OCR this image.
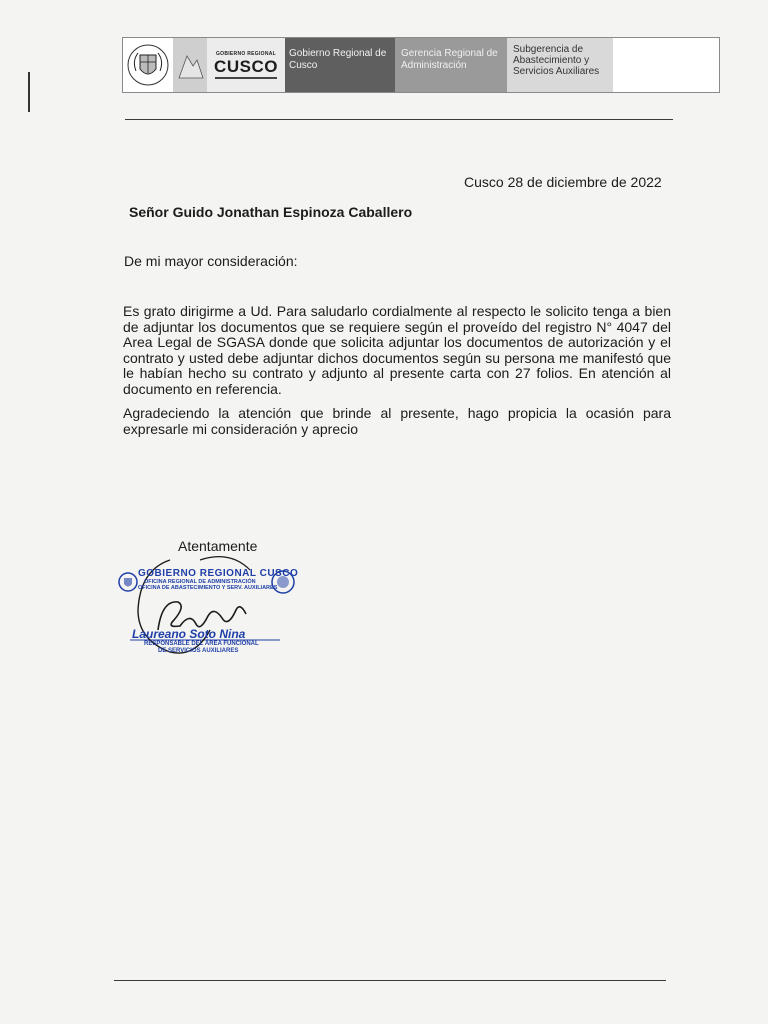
GOBIERNO REGIONAL
CUSCO
Gobierno Regional de Cusco
Gerencia Regional de Administración
Subgerencia de Abastecimiento y Servicios Auxiliares
Cusco 28 de diciembre de 2022
Señor Guido Jonathan Espinoza Caballero
De mi mayor consideración:
Es grato dirigirme a Ud. Para saludarlo cordialmente al respecto le solicito tenga a bien de adjuntar los documentos que se requiere según el proveído del registro N° 4047 del Area Legal de SGASA donde que solicita adjuntar los documentos de autorización y el contrato y usted debe adjuntar dichos documentos según su persona me manifestó que le habían hecho su contrato y adjunto al presente carta con 27 folios. En atención al documento en referencia.
Agradeciendo la atención que brinde al presente, hago propicia la ocasión para expresarle mi consideración y aprecio
Atentamente
GOBIERNO REGIONAL CUSCO
OFICINA REGIONAL DE ADMINISTRACIÓN
OFICINA DE ABASTECIMIENTO Y SERV. AUXILIARES
Laureano Soto Nina
RESPONSABLE DEL ÁREA FUNCIONAL
DE SERVICIOS AUXILIARES
